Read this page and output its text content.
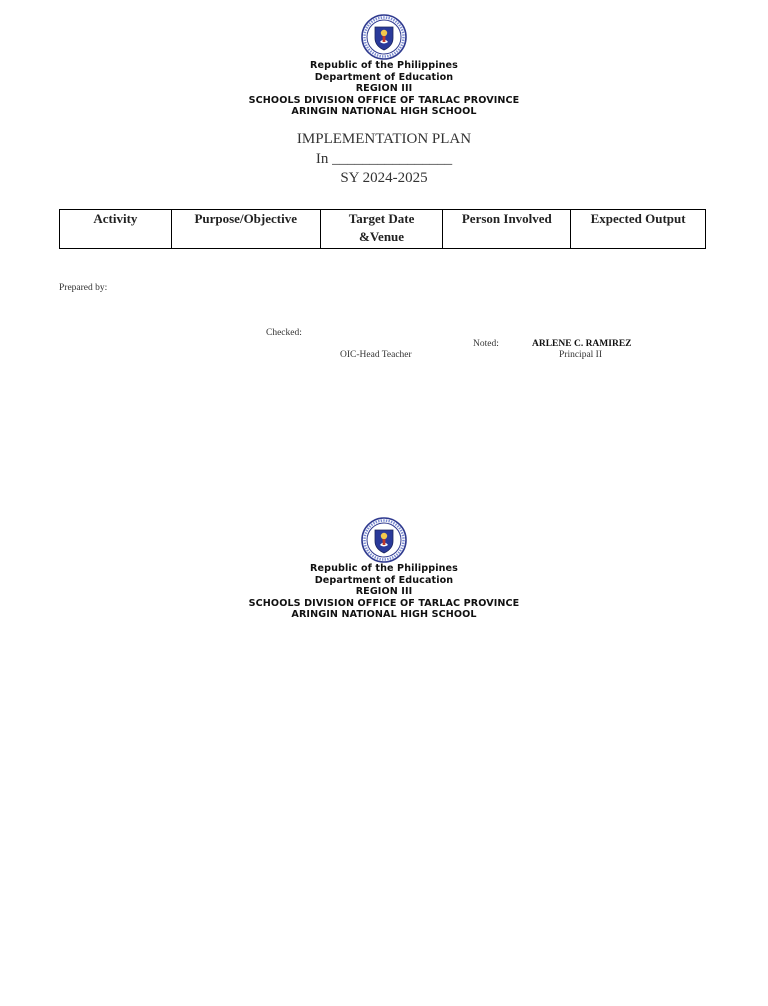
Republic of the Philippines
Department of Education
REGION III
SCHOOLS DIVISION OFFICE OF TARLAC PROVINCE
ARINGIN NATIONAL HIGH SCHOOL
IMPLEMENTATION PLAN
In ________________
SY 2024-2025
Activity	Purpose/Objective	Target Date &Venue	Person Involved	Expected Output
Prepared by:
Checked:
OIC-Head Teacher
Noted:	ARLENE C. RAMIREZ
Principal II
Republic of the Philippines
Department of Education
REGION III
SCHOOLS DIVISION OFFICE OF TARLAC PROVINCE
ARINGIN NATIONAL HIGH SCHOOL
